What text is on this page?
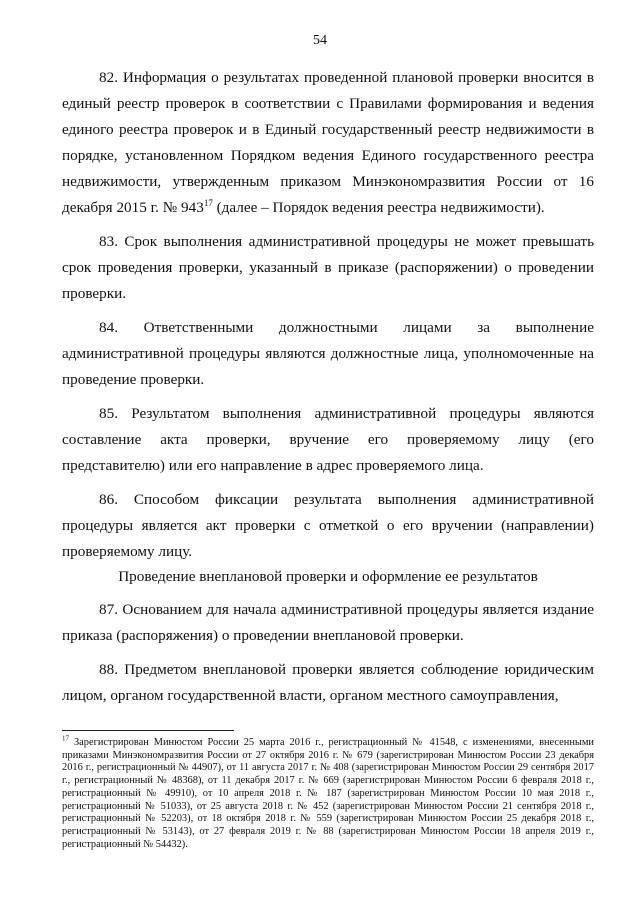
54

82. Информация о результатах проведенной плановой проверки вносится в единый реестр проверок в соответствии с Правилами формирования и ведения единого реестра проверок и в Единый государственный реестр недвижимости в порядке, установленном Порядком ведения Единого государственного реестра недвижимости, утвержденным приказом Минэкономразвития России от 16 декабря 2015 г. № $943^{17}$ (далее – Порядок ведения реестра недвижимости).

83. Срок выполнения административной процедуры не может превышать срок проведения проверки, указанный в приказе (распоряжении) о проведении проверки.

84. Ответственными должностными лицами за выполнение административной процедуры являются должностные лица, уполномоченные на проведение проверки.

85. Результатом выполнения административной процедуры являются составление акта проверки, вручение его проверяемому лицу (его представителю) или его направление в адрес проверяемого лица.

86. Способом фиксации результата выполнения административной процедуры является акт проверки с отметкой о его вручении (направлении) проверяемому лицу.

Проведение внеплановой проверки и оформление ее результатов

87. Основанием для начала административной процедуры является издание приказа (распоряжения) о проведении внеплановой проверки.

88. Предметом внеплановой проверки является соблюдение юридическим лицом, органом государственной власти, органом местного самоуправления,

$^{17}$ Зарегистрирован Минюстом России 25 марта 2016 г., регистрационный № 41548, с изменениями, внесенными приказами Минэкономразвития России от 27 октября 2016 г. № 679 (зарегистрирован Минюстом России 23 декабря 2016 г., регистрационный № 44907), от 11 августа 2017 г. № 408 (зарегистрирован Минюстом России 29 сентября 2017 г., регистрационный № 48368), от 11 декабря 2017 г. № 669 (зарегистрирован Минюстом России 6 февраля 2018 г., регистрационный № 49910), от 10 апреля 2018 г. № 187 (зарегистрирован Минюстом России 10 мая 2018 г., регистрационный № 51033), от 25 августа 2018 г. № 452 (зарегистрирован Минюстом России 21 сентября 2018 г., регистрационный № 52203), от 18 октября 2018 г. № 559 (зарегистрирован Минюстом России 25 декабря 2018 г., регистрационный № 53143), от 27 февраля 2019 г. № 88 (зарегистрирован Минюстом России 18 апреля 2019 г., регистрационный № 54432).
